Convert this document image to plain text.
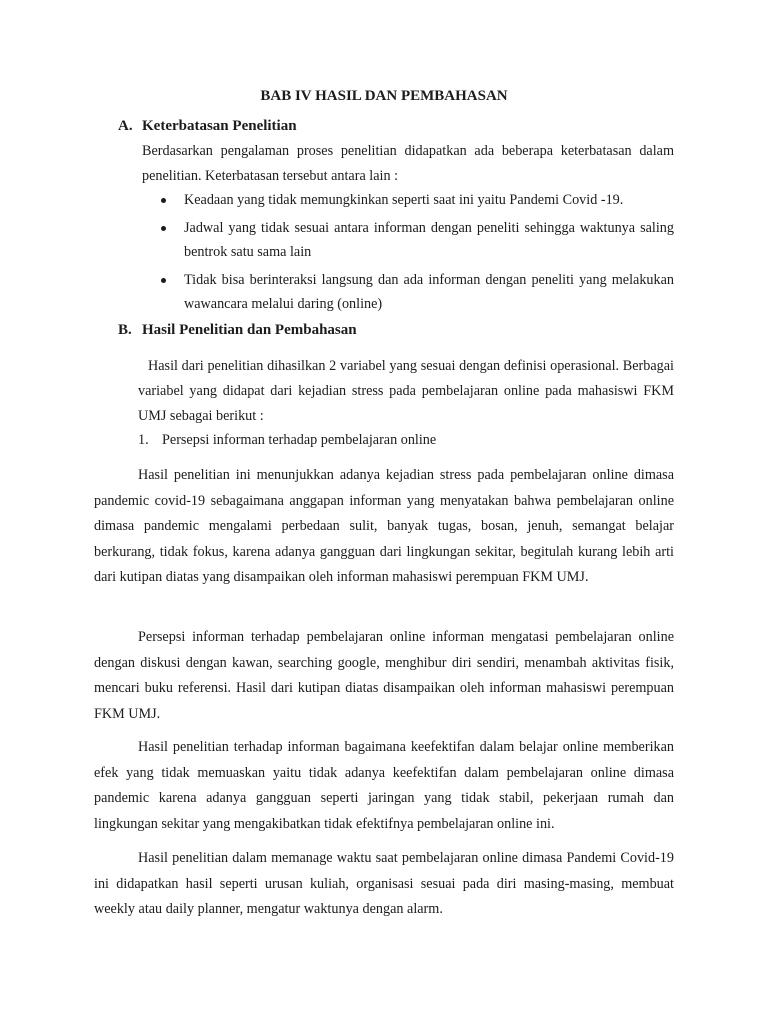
BAB IV HASIL DAN PEMBAHASAN
A. Keterbatasan Penelitian
Berdasarkan pengalaman proses penelitian didapatkan ada beberapa keterbatasan dalam penelitian. Keterbatasan tersebut antara lain :
Keadaan yang tidak memungkinkan seperti saat ini yaitu Pandemi Covid -19.
Jadwal yang tidak sesuai antara informan dengan peneliti sehingga waktunya saling bentrok satu sama lain
Tidak bisa berinteraksi langsung dan ada informan dengan peneliti yang melakukan wawancara melalui daring (online)
B. Hasil Penelitian dan Pembahasan
Hasil dari penelitian dihasilkan 2 variabel yang sesuai dengan definisi operasional. Berbagai variabel yang didapat dari kejadian stress pada pembelajaran online pada mahasiswi FKM UMJ sebagai berikut :
1. Persepsi informan terhadap pembelajaran online
Hasil penelitian ini menunjukkan adanya kejadian stress pada pembelajaran online dimasa pandemic covid-19 sebagaimana anggapan informan yang menyatakan bahwa pembelajaran online dimasa pandemic mengalami perbedaan sulit, banyak tugas, bosan, jenuh, semangat belajar berkurang, tidak fokus, karena adanya gangguan dari lingkungan sekitar, begitulah kurang lebih arti dari kutipan diatas yang disampaikan oleh informan mahasiswi perempuan FKM UMJ.
Persepsi informan terhadap pembelajaran online informan mengatasi pembelajaran online dengan diskusi dengan kawan, searching google, menghibur diri sendiri, menambah aktivitas fisik, mencari buku referensi. Hasil dari kutipan diatas disampaikan oleh informan mahasiswi perempuan FKM UMJ.
Hasil penelitian terhadap informan bagaimana keefektifan dalam belajar online memberikan efek yang tidak memuaskan yaitu tidak adanya keefektifan dalam pembelajaran online dimasa pandemic karena adanya gangguan seperti jaringan yang tidak stabil, pekerjaan rumah dan lingkungan sekitar yang mengakibatkan tidak efektifnya pembelajaran online ini.
Hasil penelitian dalam memanage waktu saat pembelajaran online dimasa Pandemi Covid-19 ini didapatkan hasil seperti urusan kuliah, organisasi sesuai pada diri masing-masing, membuat weekly atau daily planner, mengatur waktunya dengan alarm.
